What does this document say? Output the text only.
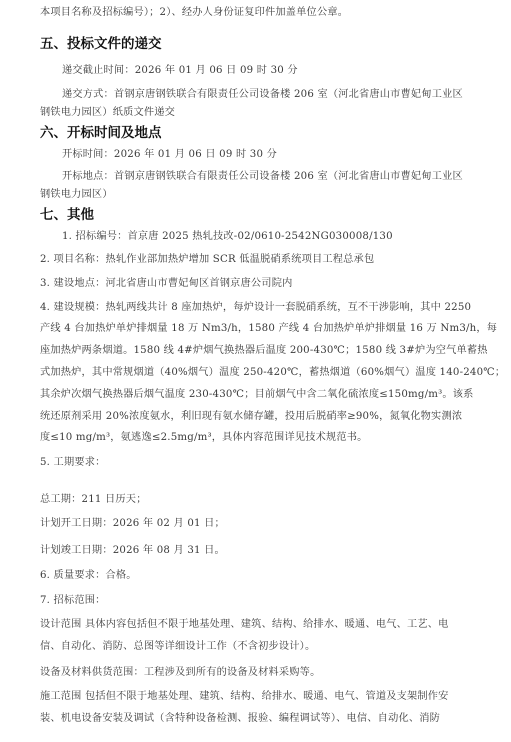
本项目名称及招标编号）；2）、经办人身份证复印件加盖单位公章。
五、投标文件的递交
递交截止时间：2026 年 01 月 06 日 09 时 30 分
递交方式：首钢京唐钢铁联合有限责任公司设备楼 206 室（河北省唐山市曹妃甸工业区
钢铁电力园区）纸质文件递交
六、开标时间及地点
开标时间：2026 年 01 月 06 日 09 时 30 分
开标地点：首钢京唐钢铁联合有限责任公司设备楼 206 室（河北省唐山市曹妃甸工业区
钢铁电力园区）
七、其他
1. 招标编号：首京唐 2025 热轧技改-02/0610-2542NG030008/130
2. 项目名称：热轧作业部加热炉增加 SCR 低温脱硝系统项目工程总承包
3. 建设地点：河北省唐山市曹妃甸区首钢京唐公司院内
4. 建设规模：热轧两线共计 8 座加热炉，每炉设计一套脱硝系统，互不干涉影响，其中 2250
产线 4 台加热炉单炉排烟量 18 万 Nm3/h，1580 产线 4 台加热炉单炉排烟量 16 万 Nm3/h，每
座加热炉两条烟道。1580 线 4#炉烟气换热器后温度 200-430℃；1580 线 3#炉为空气单蓄热
式加热炉，其中常规烟道（40%烟气）温度 250-420℃，蓄热烟道（60%烟气）温度 140-240℃；
其余炉次烟气换热器后烟气温度 230-430℃；目前烟气中含二氧化硫浓度≤150mg/m³。该系
统还原剂采用 20%浓度氨水，利旧现有氨水储存罐，投用后脱硝率≥90%，氮氧化物实测浓
度≤10 mg/m³，氨逃逸≤2.5mg/m³，具体内容范围详见技术规范书。
5. 工期要求：
总工期：211 日历天；
计划开工日期：2026 年 02 月 01 日；
计划竣工日期：2026 年 08 月 31 日。
6. 质量要求：合格。
7. 招标范围：
设计范围 具体内容包括但不限于地基处理、建筑、结构、给排水、暖通、电气、工艺、电
信、自动化、消防、总图等详细设计工作（不含初步设计）。
设备及材料供货范围：工程涉及到所有的设备及材料采购等。
施工范围 包括但不限于地基处理、建筑、结构、给排水、暖通、电气、管道及支架制作安
装、机电设备安装及调试（含特种设备检测、报验、编程调试等）、电信、自动化、消防
